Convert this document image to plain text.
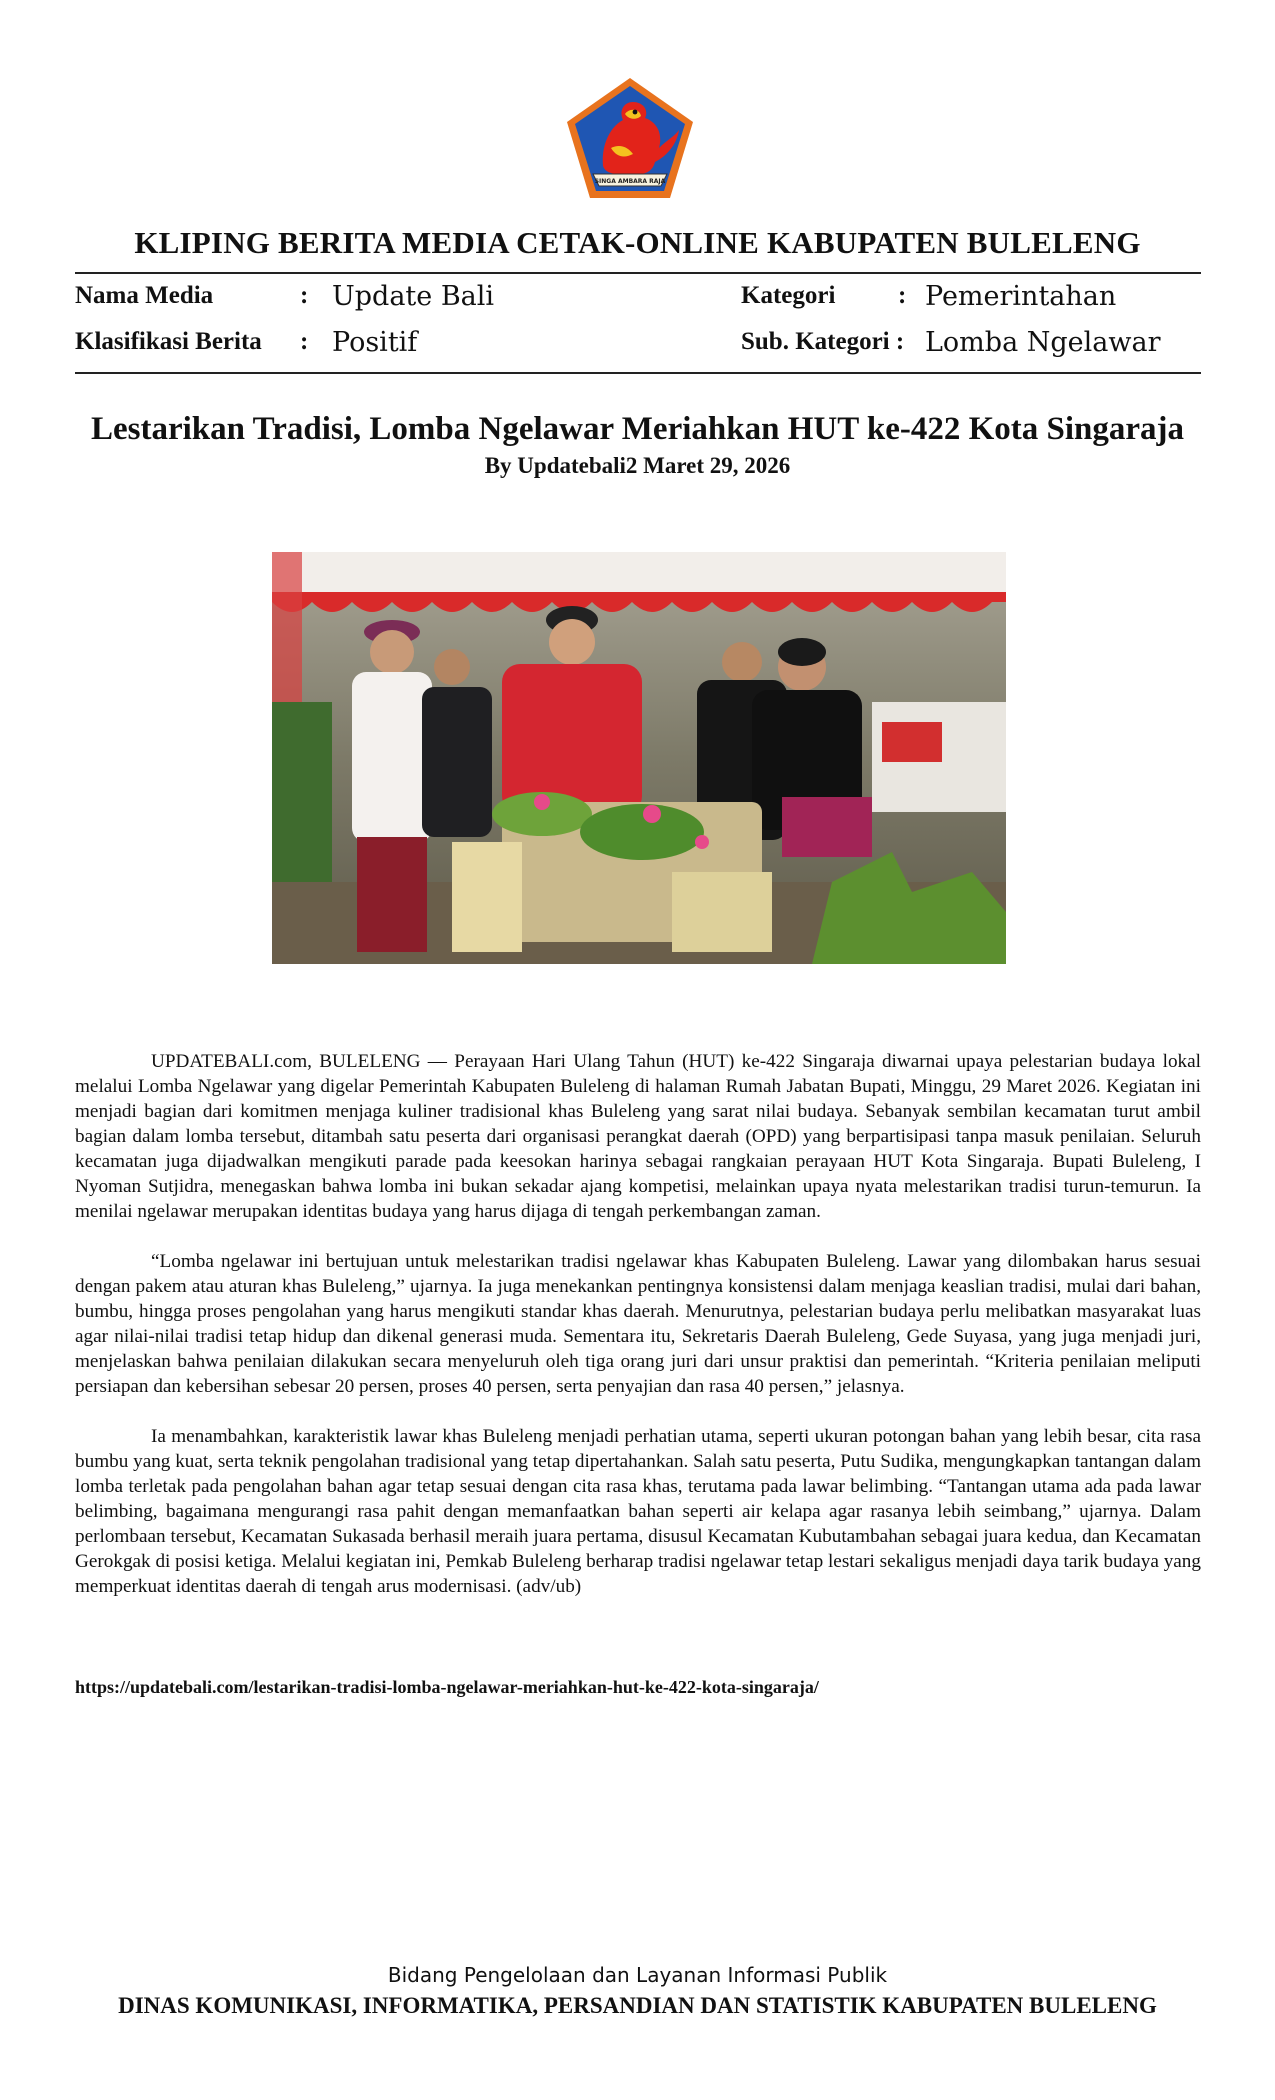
SINGA AMBARA RAJA
KLIPING BERITA MEDIA CETAK-ONLINE KABUPATEN BULELENG
Nama Media	: Update Bali
Klasifikasi Berita : Positif
Kategori	: Pemerintahan
Sub. Kategori : Lomba Ngelawar
Lestarikan Tradisi, Lomba Ngelawar Meriahkan HUT ke-422 Kota Singaraja
By Updatebali2 Maret 29, 2026

UPDATEBALI.com, BULELENG — Perayaan Hari Ulang Tahun (HUT) ke-422 Singaraja diwarnai upaya pelestarian budaya lokal melalui Lomba Ngelawar yang digelar Pemerintah Kabupaten Buleleng di halaman Rumah Jabatan Bupati, Minggu, 29 Maret 2026. Kegiatan ini menjadi bagian dari komitmen menjaga kuliner tradisional khas Buleleng yang sarat nilai budaya. Sebanyak sembilan kecamatan turut ambil bagian dalam lomba tersebut, ditambah satu peserta dari organisasi perangkat daerah (OPD) yang berpartisipasi tanpa masuk penilaian. Seluruh kecamatan juga dijadwalkan mengikuti parade pada keesokan harinya sebagai rangkaian perayaan HUT Kota Singaraja. Bupati Buleleng, I Nyoman Sutjidra, menegaskan bahwa lomba ini bukan sekadar ajang kompetisi, melainkan upaya nyata melestarikan tradisi turun-temurun. Ia menilai ngelawar merupakan identitas budaya yang harus dijaga di tengah perkembangan zaman.

“Lomba ngelawar ini bertujuan untuk melestarikan tradisi ngelawar khas Kabupaten Buleleng. Lawar yang dilombakan harus sesuai dengan pakem atau aturan khas Buleleng,” ujarnya. Ia juga menekankan pentingnya konsistensi dalam menjaga keaslian tradisi, mulai dari bahan, bumbu, hingga proses pengolahan yang harus mengikuti standar khas daerah. Menurutnya, pelestarian budaya perlu melibatkan masyarakat luas agar nilai-nilai tradisi tetap hidup dan dikenal generasi muda. Sementara itu, Sekretaris Daerah Buleleng, Gede Suyasa, yang juga menjadi juri, menjelaskan bahwa penilaian dilakukan secara menyeluruh oleh tiga orang juri dari unsur praktisi dan pemerintah. “Kriteria penilaian meliputi persiapan dan kebersihan sebesar 20 persen, proses 40 persen, serta penyajian dan rasa 40 persen,” jelasnya.

Ia menambahkan, karakteristik lawar khas Buleleng menjadi perhatian utama, seperti ukuran potongan bahan yang lebih besar, cita rasa bumbu yang kuat, serta teknik pengolahan tradisional yang tetap dipertahankan. Salah satu peserta, Putu Sudika, mengungkapkan tantangan dalam lomba terletak pada pengolahan bahan agar tetap sesuai dengan cita rasa khas, terutama pada lawar belimbing. “Tantangan utama ada pada lawar belimbing, bagaimana mengurangi rasa pahit dengan memanfaatkan bahan seperti air kelapa agar rasanya lebih seimbang,” ujarnya. Dalam perlombaan tersebut, Kecamatan Sukasada berhasil meraih juara pertama, disusul Kecamatan Kubutambahan sebagai juara kedua, dan Kecamatan Gerokgak di posisi ketiga. Melalui kegiatan ini, Pemkab Buleleng berharap tradisi ngelawar tetap lestari sekaligus menjadi daya tarik budaya yang memperkuat identitas daerah di tengah arus modernisasi. (adv/ub)

https://updatebali.com/lestarikan-tradisi-lomba-ngelawar-meriahkan-hut-ke-422-kota-singaraja/
Bidang Pengelolaan dan Layanan Informasi Publik
DINAS KOMUNIKASI, INFORMATIKA, PERSANDIAN DAN STATISTIK KABUPATEN BULELENG
